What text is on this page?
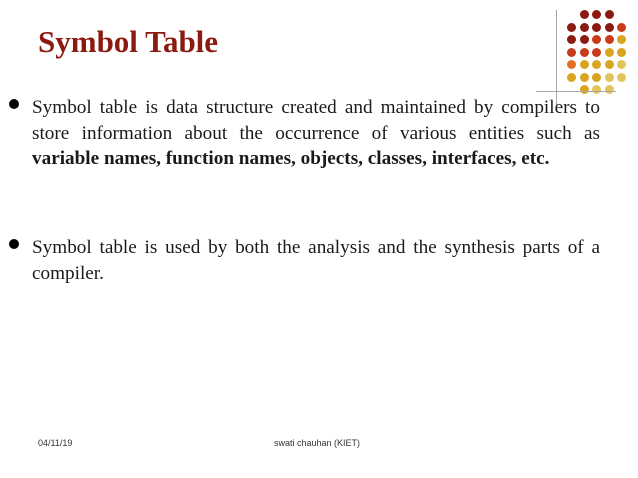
Symbol Table

Symbol table is data structure created and maintained by compilers to store information about the occurrence of various entities such as variable names, function names, objects, classes, interfaces, etc.

Symbol table is used by both the analysis and the synthesis parts of a compiler.

04/11/19	swati chauhan (KIET)
